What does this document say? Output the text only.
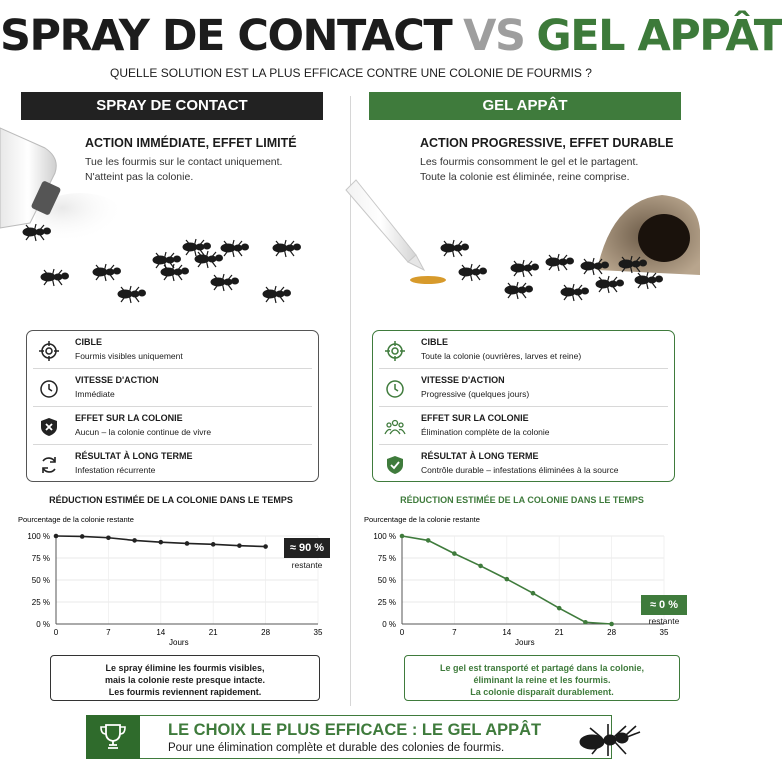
SPRAY DE CONTACT VS GEL APPÂT
QUELLE SOLUTION EST LA PLUS EFFICACE CONTRE UNE COLONIE DE FOURMIS ?
SPRAY DE CONTACT
ACTION IMMÉDIATE, EFFET LIMITÉ
Tue les fourmis sur le contact uniquement.
N'atteint pas la colonie.
CIBLE
Fourmis visibles uniquement
VITESSE D'ACTION
Immédiate
EFFET SUR LA COLONIE
Aucun – la colonie continue de vivre
RÉSULTAT À LONG TERME
Infestation récurrente
RÉDUCTION ESTIMÉE DE LA COLONIE DANS LE TEMPS
Pourcentage de la colonie restante
0 %
25 %
50 %
75 %
100 %
0	7	14	21	28	35
Jours
≈ 90 %
restante
Le spray élimine les fourmis visibles,
mais la colonie reste presque intacte.
Les fourmis reviennent rapidement.
GEL APPÂT
ACTION PROGRESSIVE, EFFET DURABLE
Les fourmis consomment le gel et le partagent.
Toute la colonie est éliminée, reine comprise.
CIBLE
Toute la colonie (ouvrières, larves et reine)
VITESSE D'ACTION
Progressive (quelques jours)
EFFET SUR LA COLONIE
Élimination complète de la colonie
RÉSULTAT À LONG TERME
Contrôle durable – infestations éliminées à la source
RÉDUCTION ESTIMÉE DE LA COLONIE DANS LE TEMPS
Pourcentage de la colonie restante
0 %
25 %
50 %
75 %
100 %
0	7	14	21	28	35
Jours
≈ 0 %
restante
Le gel est transporté et partagé dans la colonie,
éliminant la reine et les fourmis.
La colonie disparaît durablement.
LE CHOIX LE PLUS EFFICACE : LE GEL APPÂT
Pour une élimination complète et durable des colonies de fourmis.
